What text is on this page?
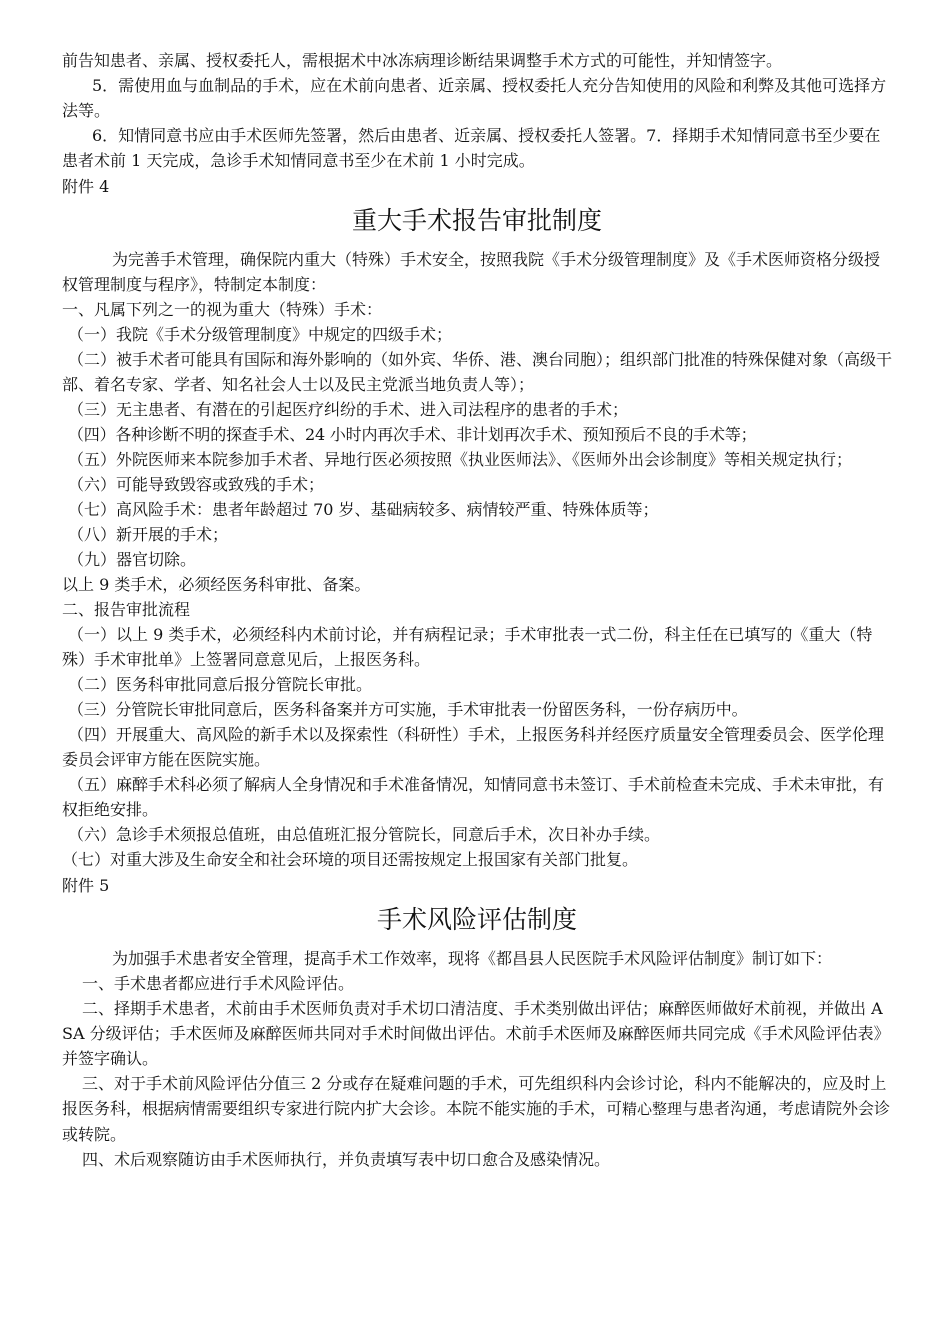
前告知患者、亲属、授权委托人，需根据术中冰冻病理诊断结果调整手术方式的可能性，并知情签字。

5．需使用血与血制品的手术，应在术前向患者、近亲属、授权委托人充分告知使用的风险和利弊及其他可选择方法等。

6．知情同意书应由手术医师先签署，然后由患者、近亲属、授权委托人签署。7．择期手术知情同意书至少要在患者术前 1 天完成，急诊手术知情同意书至少在术前 1 小时完成。

附件 4

重大手术报告审批制度

为完善手术管理，确保院内重大（特殊）手术安全，按照我院《手术分级管理制度》及《手术医师资格分级授权管理制度与程序》，特制定本制度：

一、凡属下列之一的视为重大（特殊）手术：

（一）我院《手术分级管理制度》中规定的四级手术；

（二）被手术者可能具有国际和海外影响的（如外宾、华侨、港、澳台同胞）；组织部门批准的特殊保健对象（高级干部、着名专家、学者、知名社会人士以及民主党派当地负责人等）；

（三）无主患者、有潜在的引起医疗纠纷的手术、进入司法程序的患者的手术；

（四）各种诊断不明的探查手术、24 小时内再次手术、非计划再次手术、预知预后不良的手术等；

（五）外院医师来本院参加手术者、异地行医必须按照《执业医师法》、《医师外出会诊制度》等相关规定执行；

（六）可能导致毁容或致残的手术；

（七）高风险手术：患者年龄超过 70 岁、基础病较多、病情较严重、特殊体质等；

（八）新开展的手术；

（九）器官切除。

以上 9 类手术，必须经医务科审批、备案。

二、报告审批流程

（一）以上 9 类手术，必须经科内术前讨论，并有病程记录；手术审批表一式二份，科主任在已填写的《重大（特殊）手术审批单》上签署同意意见后，上报医务科。

（二）医务科审批同意后报分管院长审批。

（三）分管院长审批同意后，医务科备案并方可实施，手术审批表一份留医务科，一份存病历中。

（四）开展重大、高风险的新手术以及探索性（科研性）手术，上报医务科并经医疗质量安全管理委员会、医学伦理委员会评审方能在医院实施。

（五）麻醉手术科必须了解病人全身情况和手术准备情况，知情同意书未签订、手术前检查未完成、手术未审批，有权拒绝安排。

（六）急诊手术须报总值班，由总值班汇报分管院长，同意后手术，次日补办手续。

（七）对重大涉及生命安全和社会环境的项目还需按规定上报国家有关部门批复。

附件 5

手术风险评估制度

为加强手术患者安全管理，提高手术工作效率，现将《都昌县人民医院手术风险评估制度》制订如下：

一、手术患者都应进行手术风险评估。

二、择期手术患者，术前由手术医师负责对手术切口清洁度、手术类别做出评估；麻醉医师做好术前视，并做出 ASA 分级评估；手术医师及麻醉医师共同对手术时间做出评估。术前手术医师及麻醉医师共同完成《手术风险评估表》并签字确认。

三、对于手术前风险评估分值三 2 分或存在疑难问题的手术，可先组织科内会诊讨论，科内不能解决的，应及时上报医务科，根据病情需要组织专家进行院内扩大会诊。本院不能实施的手术，可精心整理与患者沟通，考虑请院外会诊或转院。

四、术后观察随访由手术医师执行，并负责填写表中切口愈合及感染情况。
